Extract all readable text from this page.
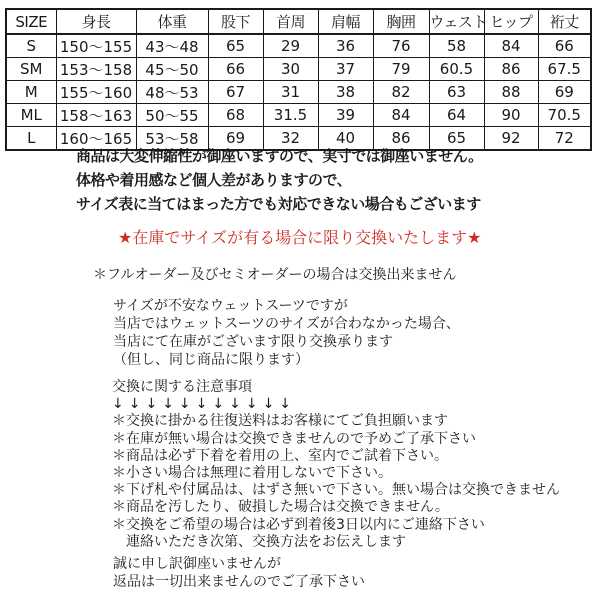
SIZE	身長	体重	股下	首周	肩幅	胸囲	ウェスト	ヒップ	裄丈
S	150〜155	43〜48	65	29	36	76	58	84	66
SM	153〜158	45〜50	66	30	37	79	60.5	86	67.5
M	155〜160	48〜53	67	31	38	82	63	88	69
ML	158〜163	50〜55	68	31.5	39	84	64	90	70.5
L	160〜165	53〜58	69	32	40	86	65	92	72
商品は大変伸縮性が御座いますので、実寸では御座いません。
体格や着用感など個人差がありますので、
サイズ表に当てはまった方でも対応できない場合もございます
★在庫でサイズが有る場合に限り交換いたします★
＊フルオーダー及びセミオーダーの場合は交換出来ません
サイズが不安なウェットスーツですが
当店ではウェットスーツのサイズが合わなかった場合、
当店にて在庫がございます限り交換承ります
（但し、同じ商品に限ります）
交換に関する注意事項
↓↓↓↓↓↓↓↓↓↓↓
＊交換に掛かる往復送料はお客様にてご負担願います
＊在庫が無い場合は交換できませんので予めご了承下さい
＊商品は必ず下着を着用の上、室内でご試着下さい。
＊小さい場合は無理に着用しないで下さい。
＊下げ札や付属品は、はずさ無いで下さい。無い場合は交換できません
＊商品を汚したり、破損した場合は交換できません。
＊交換をご希望の場合は必ず到着後3日以内にご連絡下さい
　連絡いただき次第、交換方法をお伝えします
誠に申し訳御座いませんが
返品は一切出来ませんのでご了承下さい
